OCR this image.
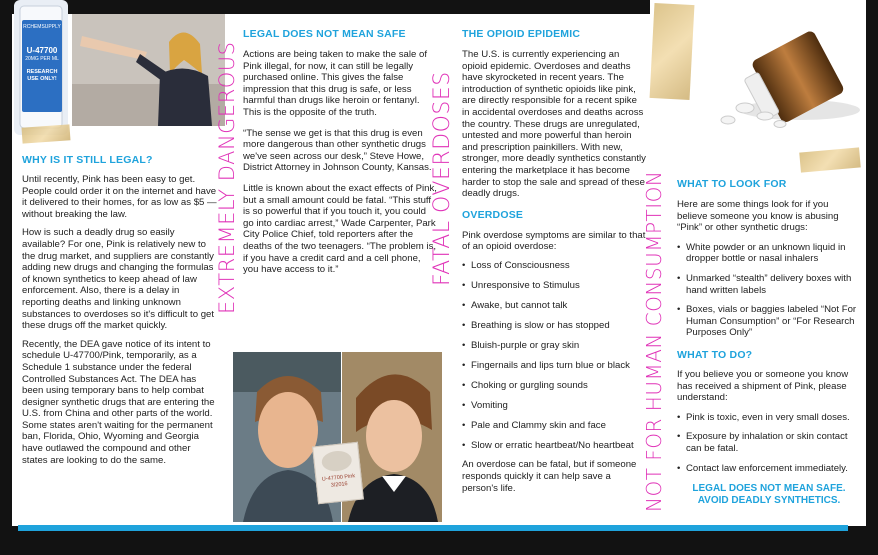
RCHEMSUPPLY
U-47700
20MG PER ML
RESEARCH USE ONLY!
WHY IS IT STILL LEGAL?

Until recently, Pink has been easy to get. People could order it on the internet and have it delivered to their homes, for as low as $5 — without breaking the law.

How is such a deadly drug so easily available? For one, Pink is relatively new to the drug market, and suppliers are constantly adding new drugs and changing the formulas of known synthetics to keep ahead of law enforcement. Also, there is a delay in reporting deaths and linking unknown substances to overdoses so it's difficult to get these drugs off the market quickly.

Recently, the DEA gave notice of its intent to schedule U-47700/Pink, temporarily, as a Schedule 1 substance under the federal Controlled Substances Act. The DEA has been using temporary bans to help combat designer synthetic drugs that are entering the U.S. from China and other parts of the world. Some states aren't waiting for the permanent ban, Florida, Ohio, Wyoming and Georgia have outlawed the compound and other states are looking to do the same.

EXTREMELY DANGEROUS
LEGAL DOES NOT MEAN SAFE

Actions are being taken to make the sale of Pink illegal, for now, it can still be legally purchased online. This gives the false impression that this drug is safe, or less harmful than drugs like heroin or fentanyl. This is the opposite of the truth.

“The sense we get is that this drug is even more dangerous than other synthetic drugs we've seen across our desk,” Steve Howe, District Attorney in Johnson County, Kansas.

Little is known about the exact effects of Pink, but a small amount could be fatal. “This stuff is so powerful that if you touch it, you could go into cardiac arrest,” Wade Carpenter, Park City Police Chief, told reporters after the deaths of the two teenagers. “The problem is, if you have a credit card and a cell phone, you have access to it.”

U-47700 Pink 3/2016
FATAL OVERDOSES
THE OPIOID EPIDEMIC

The U.S. is currently experiencing an opioid epidemic. Overdoses and deaths have skyrocketed in recent years. The introduction of synthetic opioids like pink, are directly responsible for a recent spike in accidental overdoses and deaths across the country. These drugs are unregulated, untested and more powerful than heroin and prescription painkillers. With new, stronger, more deadly synthetics constantly entering the marketplace it has become harder to stop the sale and spread of these deadly drugs.

OVERDOSE

Pink overdose symptoms are similar to that of an opioid overdose:

• Loss of Consciousness
• Unresponsive to Stimulus
• Awake, but cannot talk
• Breathing is slow or has stopped
• Bluish-purple or gray skin
• Fingernails and lips turn blue or black
• Choking or gurgling sounds
• Vomiting
• Pale and Clammy skin and face
• Slow or erratic heartbeat/No heartbeat

An overdose can be fatal, but if someone responds quickly it can help save a person's life.	NOT FOR HUMAN CONSUMPTION WHAT TO LOOK FOR

Here are some things look for if you believe someone you know is abusing “Pink” or other synthetic drugs:

• White powder or an unknown liquid in dropper bottle or nasal inhalers
• Unmarked “stealth” delivery boxes with hand written labels
• Boxes, vials or baggies labeled “Not For Human Consumption” or “For Research Purposes Only”
WHAT TO DO?

If you believe you or someone you know has received a shipment of Pink, please understand:

• Pink is toxic, even in very small doses.
• Exposure by inhalation or skin contact can be fatal.
• Contact law enforcement immediately.
LEGAL DOES NOT MEAN SAFE.
AVOID DEADLY SYNTHETICS.
